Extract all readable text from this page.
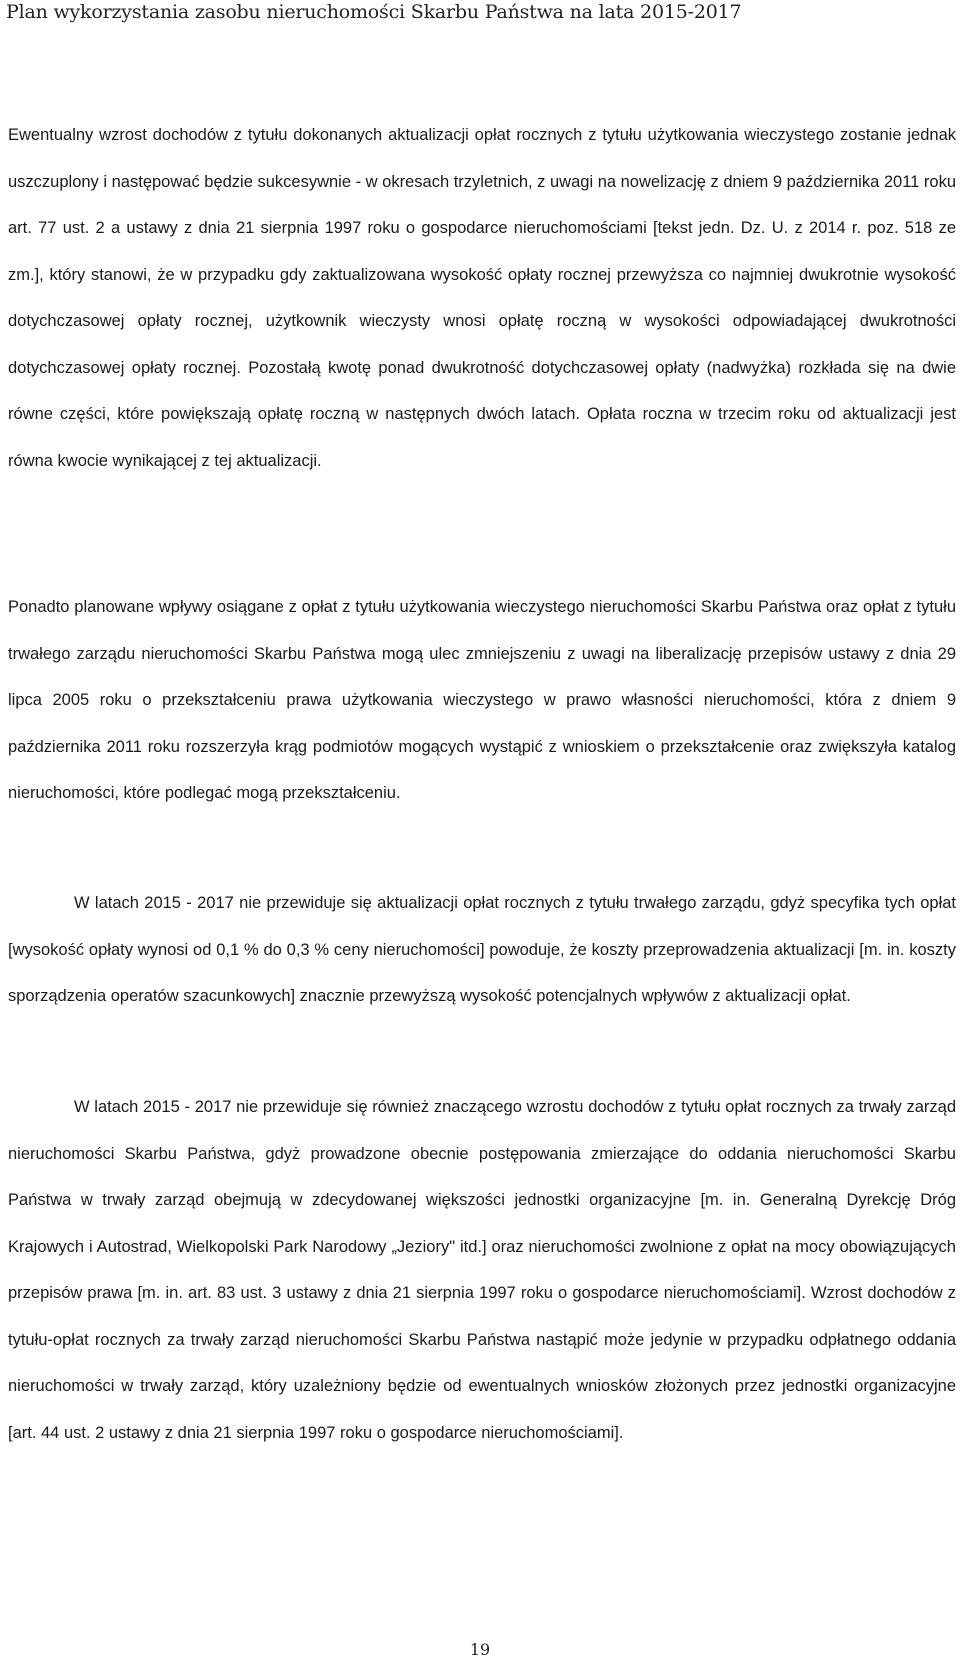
Plan wykorzystania zasobu nieruchomości Skarbu Państwa na lata 2015-2017

Ewentualny wzrost dochodów z tytułu dokonanych aktualizacji opłat rocznych z tytułu użytkowania wieczystego zostanie jednak uszczuplony i następować będzie sukcesywnie - w okresach trzyletnich, z uwagi na nowelizację z dniem 9 października 2011 roku art. 77 ust. 2 a ustawy z dnia 21 sierpnia 1997 roku o gospodarce nieruchomościami [tekst jedn. Dz. U. z 2014 r. poz. 518 ze zm.], który stanowi, że w przypadku gdy zaktualizowana wysokość opłaty rocznej przewyższa co najmniej dwukrotnie wysokość dotychczasowej opłaty rocznej, użytkownik wieczysty wnosi opłatę roczną w wysokości odpowiadającej dwukrotności dotychczasowej opłaty rocznej. Pozostałą kwotę ponad dwukrotność dotychczasowej opłaty (nadwyżka) rozkłada się na dwie równe części, które powiększają opłatę roczną w następnych dwóch latach. Opłata roczna w trzecim roku od aktualizacji jest równa kwocie wynikającej z tej aktualizacji.

Ponadto planowane wpływy osiągane z opłat z tytułu użytkowania wieczystego nieruchomości Skarbu Państwa oraz opłat z tytułu trwałego zarządu nieruchomości Skarbu Państwa mogą ulec zmniejszeniu z uwagi na liberalizację przepisów ustawy z dnia 29 lipca 2005 roku o przekształceniu prawa użytkowania wieczystego w prawo własności nieruchomości, która z dniem 9 października 2011 roku rozszerzyła krąg podmiotów mogących wystąpić z wnioskiem o przekształcenie oraz zwiększyła katalog nieruchomości, które podlegać mogą przekształceniu.

W latach 2015 - 2017 nie przewiduje się aktualizacji opłat rocznych z tytułu trwałego zarządu, gdyż specyfika tych opłat [wysokość opłaty wynosi od 0,1 % do 0,3 % ceny nieruchomości] powoduje, że koszty przeprowadzenia aktualizacji [m. in. koszty sporządzenia operatów szacunkowych] znacznie przewyższą wysokość potencjalnych wpływów z aktualizacji opłat.

W latach 2015 - 2017 nie przewiduje się również znaczącego wzrostu dochodów z tytułu opłat rocznych za trwały zarząd nieruchomości Skarbu Państwa, gdyż prowadzone obecnie postępowania zmierzające do oddania nieruchomości Skarbu Państwa w trwały zarząd obejmują w zdecydowanej większości jednostki organizacyjne [m. in. Generalną Dyrekcję Dróg Krajowych i Autostrad, Wielkopolski Park Narodowy „Jeziory" itd.] oraz nieruchomości zwolnione z opłat na mocy obowiązujących przepisów prawa [m. in. art. 83 ust. 3 ustawy z dnia 21 sierpnia 1997 roku o gospodarce nieruchomościami]. Wzrost dochodów z tytułu-opłat rocznych za trwały zarząd nieruchomości Skarbu Państwa nastąpić może jedynie w przypadku odpłatnego oddania nieruchomości w trwały zarząd, który uzależniony będzie od ewentualnych wniosków złożonych przez jednostki organizacyjne [art. 44 ust. 2 ustawy z dnia 21 sierpnia 1997 roku o gospodarce nieruchomościami].

19
